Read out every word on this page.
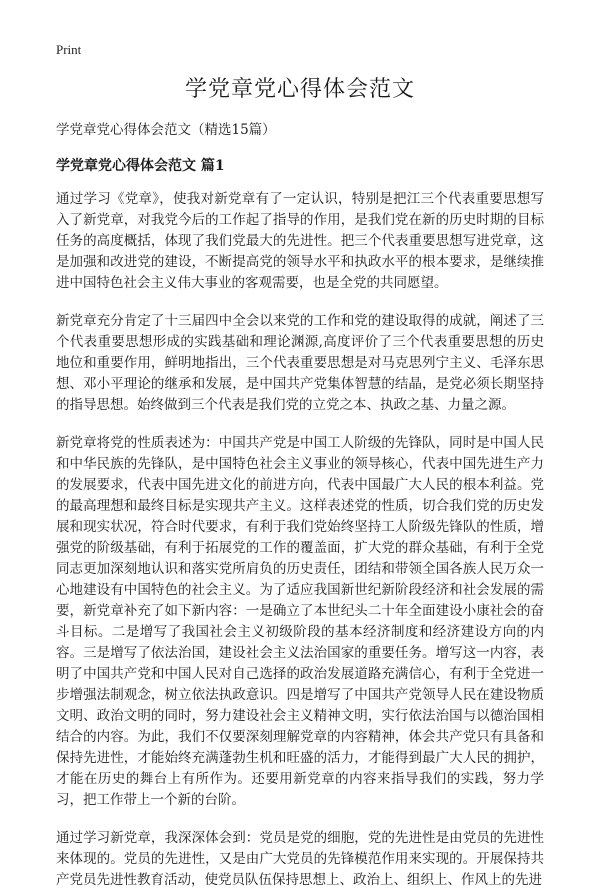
Print
学党章党心得体会范文

学党章党心得体会范文（精选15篇）

学党章党心得体会范文 篇1

通过学习《党章》，使我对新党章有了一定认识，特别是把江三个代表重要思想写入了新党章，对我党今后的工作起了指导的作用，是我们党在新的历史时期的目标任务的高度概括，体现了我们党最大的先进性。把三个代表重要思想写进党章，这是加强和改进党的建设，不断提高党的领导水平和执政水平的根本要求，是继续推进中国特色社会主义伟大事业的客观需要，也是全党的共同愿望。

新党章充分肯定了十三届四中全会以来党的工作和党的建设取得的成就，阐述了三个代表重要思想形成的实践基础和理论渊源,高度评价了三个代表重要思想的历史地位和重要作用，鲜明地指出，三个代表重要思想是对马克思列宁主义、毛泽东思想、邓小平理论的继承和发展，是中国共产党集体智慧的结晶，是党必须长期坚持的指导思想。始终做到三个代表是我们党的立党之本、执政之基、力量之源。

新党章将党的性质表述为：中国共产党是中国工人阶级的先锋队，同时是中国人民和中华民族的先锋队，是中国特色社会主义事业的领导核心，代表中国先进生产力的发展要求，代表中国先进文化的前进方向，代表中国最广大人民的根本利益。党的最高理想和最终目标是实现共产主义。这样表述党的性质，切合我们党的历史发展和现实状况，符合时代要求，有利于我们党始终坚持工人阶级先锋队的性质，增强党的阶级基础，有利于拓展党的工作的覆盖面，扩大党的群众基础，有利于全党同志更加深刻地认识和落实党所肩负的历史责任，团结和带领全国各族人民万众一心地建设有中国特色的社会主义。为了适应我国新世纪新阶段经济和社会发展的需要，新党章补充了如下新内容：一是确立了本世纪头二十年全面建设小康社会的奋斗目标。二是增写了我国社会主义初级阶段的基本经济制度和经济建设方向的内容。三是增写了依法治国，建设社会主义法治国家的重要任务。增写这一内容，表明了中国共产党和中国人民对自己选择的政治发展道路充满信心，有利于全党进一步增强法制观念，树立依法执政意识。四是增写了中国共产党领导人民在建设物质文明、政治文明的同时，努力建设社会主义精神文明，实行依法治国与以德治国相结合的内容。为此，我们不仅要深刻理解党章的内容精神，体会共产党只有具备和保持先进性，才能始终充满蓬勃生机和旺盛的活力，才能得到最广大人民的拥护，才能在历史的舞台上有所作为。还要用新党章的内容来指导我们的实践，努力学习，把工作带上一个新的台阶。

通过学习新党章，我深深体会到：党员是党的细胞，党的先进性是由党员的先进性来体现的。党员的先进性，又是由广大党员的先锋模范作用来实现的。开展保持共产党员先进性教育活动，使党员队伍保持思想上、政治上、组织上、作风上的先进
